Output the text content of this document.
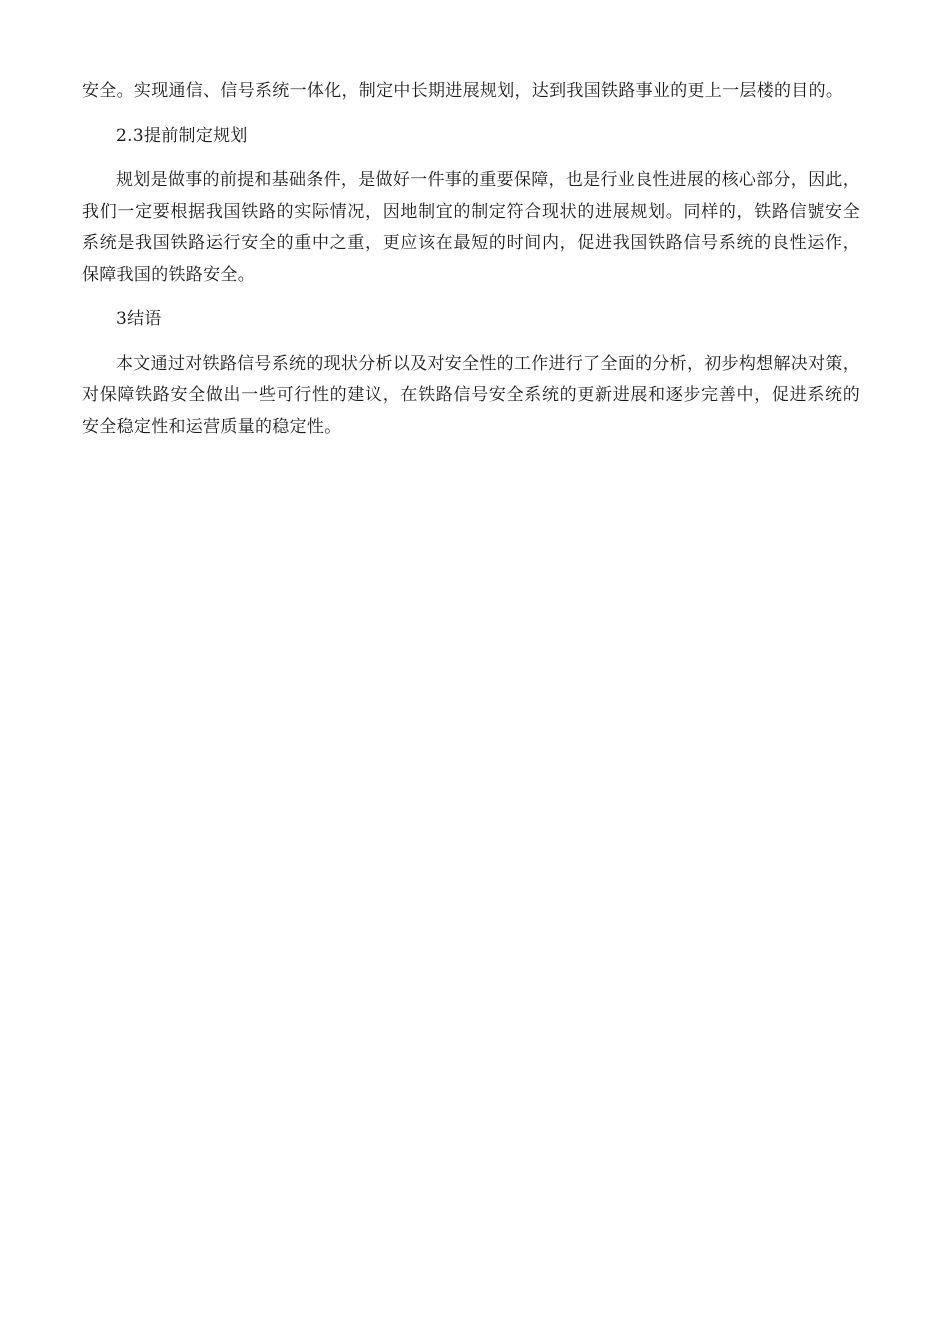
安全。实现通信、信号系统一体化，制定中长期进展规划，达到我国铁路事业的更上一层楼的目的。

2.3提前制定规划

规划是做事的前提和基础条件，是做好一件事的重要保障，也是行业良性进展的核心部分，因此，我们一定要根据我国铁路的实际情况，因地制宜的制定符合现状的进展规划。同样的，铁路信號安全系统是我国铁路运行安全的重中之重，更应该在最短的时间内，促进我国铁路信号系统的良性运作，保障我国的铁路安全。

3结语

本文通过对铁路信号系统的现状分析以及对安全性的工作进行了全面的分析，初步构想解决对策，对保障铁路安全做出一些可行性的建议，在铁路信号安全系统的更新进展和逐步完善中，促进系统的安全稳定性和运营质量的稳定性。
